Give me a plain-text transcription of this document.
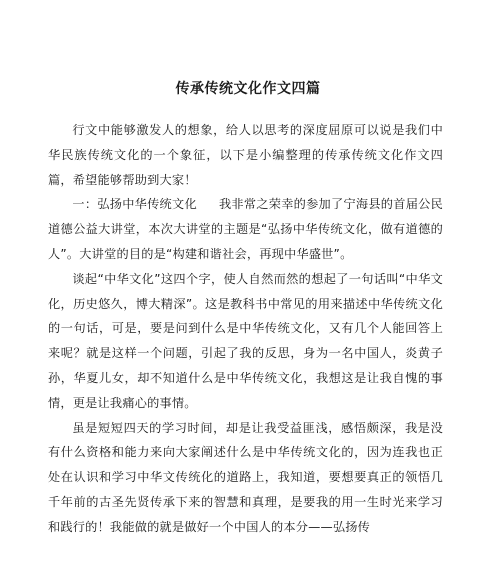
传承传统文化作文四篇

行文中能够激发人的想象，给人以思考的深度屈原可以说是我们中华民族传统文化的一个象征，以下是小编整理的传承传统文化作文四篇，希望能够帮助到大家！

一：弘扬中华传统文化 我非常之荣幸的参加了宁海县的首届公民道德公益大讲堂，本次大讲堂的主题是“弘扬中华传统文化，做有道德的人”。大讲堂的目的是“构建和谐社会，再现中华盛世”。

谈起“中华文化”这四个字，使人自然而然的想起了一句话叫“中华文化，历史悠久，博大精深”。这是教科书中常见的用来描述中华传统文化的一句话，可是，要是问到什么是中华传统文化，又有几个人能回答上来呢？就是这样一个问题，引起了我的反思，身为一名中国人，炎黄子孙，华夏儿女，却不知道什么是中华传统文化，我想这是让我自愧的事情，更是让我痛心的事情。

虽是短短四天的学习时间，却是让我受益匪浅，感悟颇深，我是没有什么资格和能力来向大家阐述什么是中华传统文化的，因为连我也正处在认识和学习中华文传统化的道路上，我知道，要想要真正的领悟几千年前的古圣先贤传承下来的智慧和真理，是要我的用一生时光来学习和践行的！我能做的就是做好一个中国人的本分——弘扬传
